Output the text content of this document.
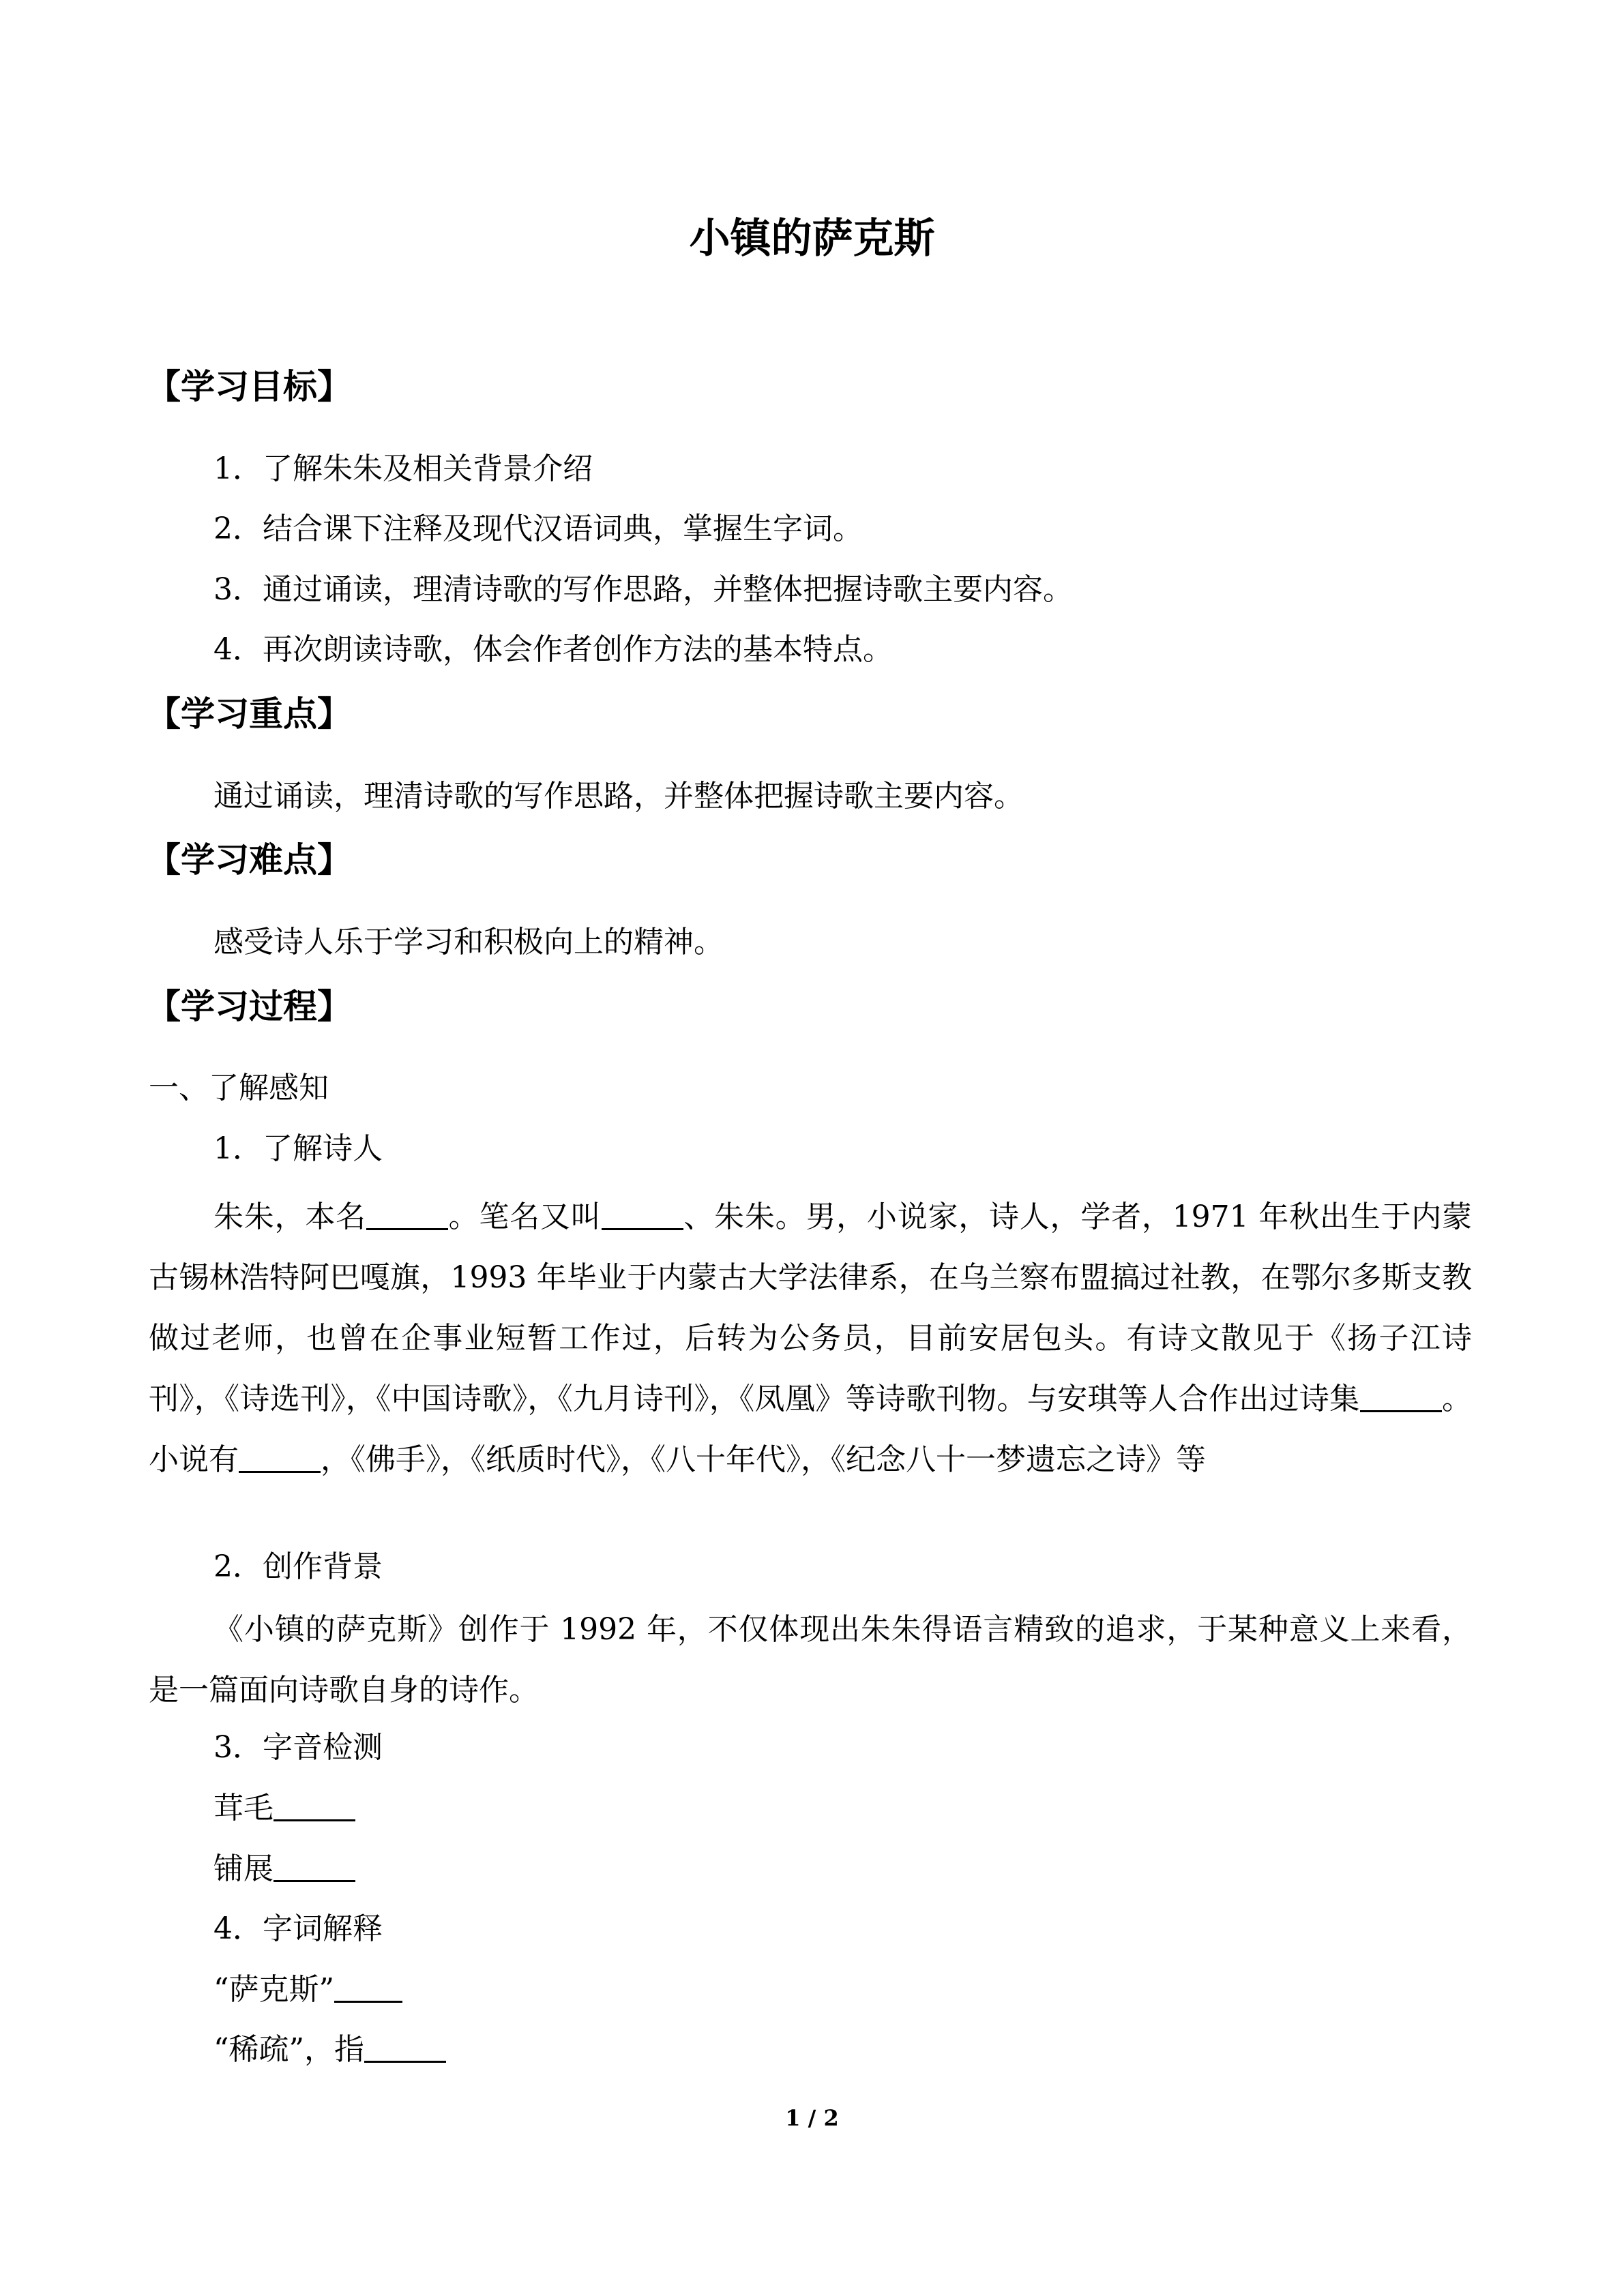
小镇的萨克斯
【学习目标】
1．了解朱朱及相关背景介绍
2．结合课下注释及现代汉语词典，掌握生字词。
3．通过诵读，理清诗歌的写作思路，并整体把握诗歌主要内容。
4．再次朗读诗歌，体会作者创作方法的基本特点。
【学习重点】
通过诵读，理清诗歌的写作思路，并整体把握诗歌主要内容。
【学习难点】
感受诗人乐于学习和积极向上的精神。
【学习过程】
一、了解感知
1．了解诗人

朱朱，本名	。笔名又叫	、朱朱。男，小说家，诗人，学者，1971 年秋出生于内蒙古锡林浩特阿巴嘎旗，1993 年毕业于内蒙古大学法律系，在乌兰察布盟搞过社教，在鄂尔多斯支教做过老师，也曾在企事业短暂工作过，后转为公务员，目前安居包头。有诗文散见于《扬子江诗刊》，《诗选刊》，《中国诗歌》，《九月诗刊》，《凤凰》等诗歌刊物。与安琪等人合作出过诗集	。小说有	，《佛手》，《纸质时代》，《八十年代》，《纪念八十一梦遗忘之诗》等

2．创作背景

《小镇的萨克斯》创作于 1992 年，不仅体现出朱朱得语言精致的追求，于某种意义上来看，是一篇面向诗歌自身的诗作。

3．字音检测
茸毛
铺展
4．字词解释
“萨克斯”
“稀疏”，指
1 / 2
